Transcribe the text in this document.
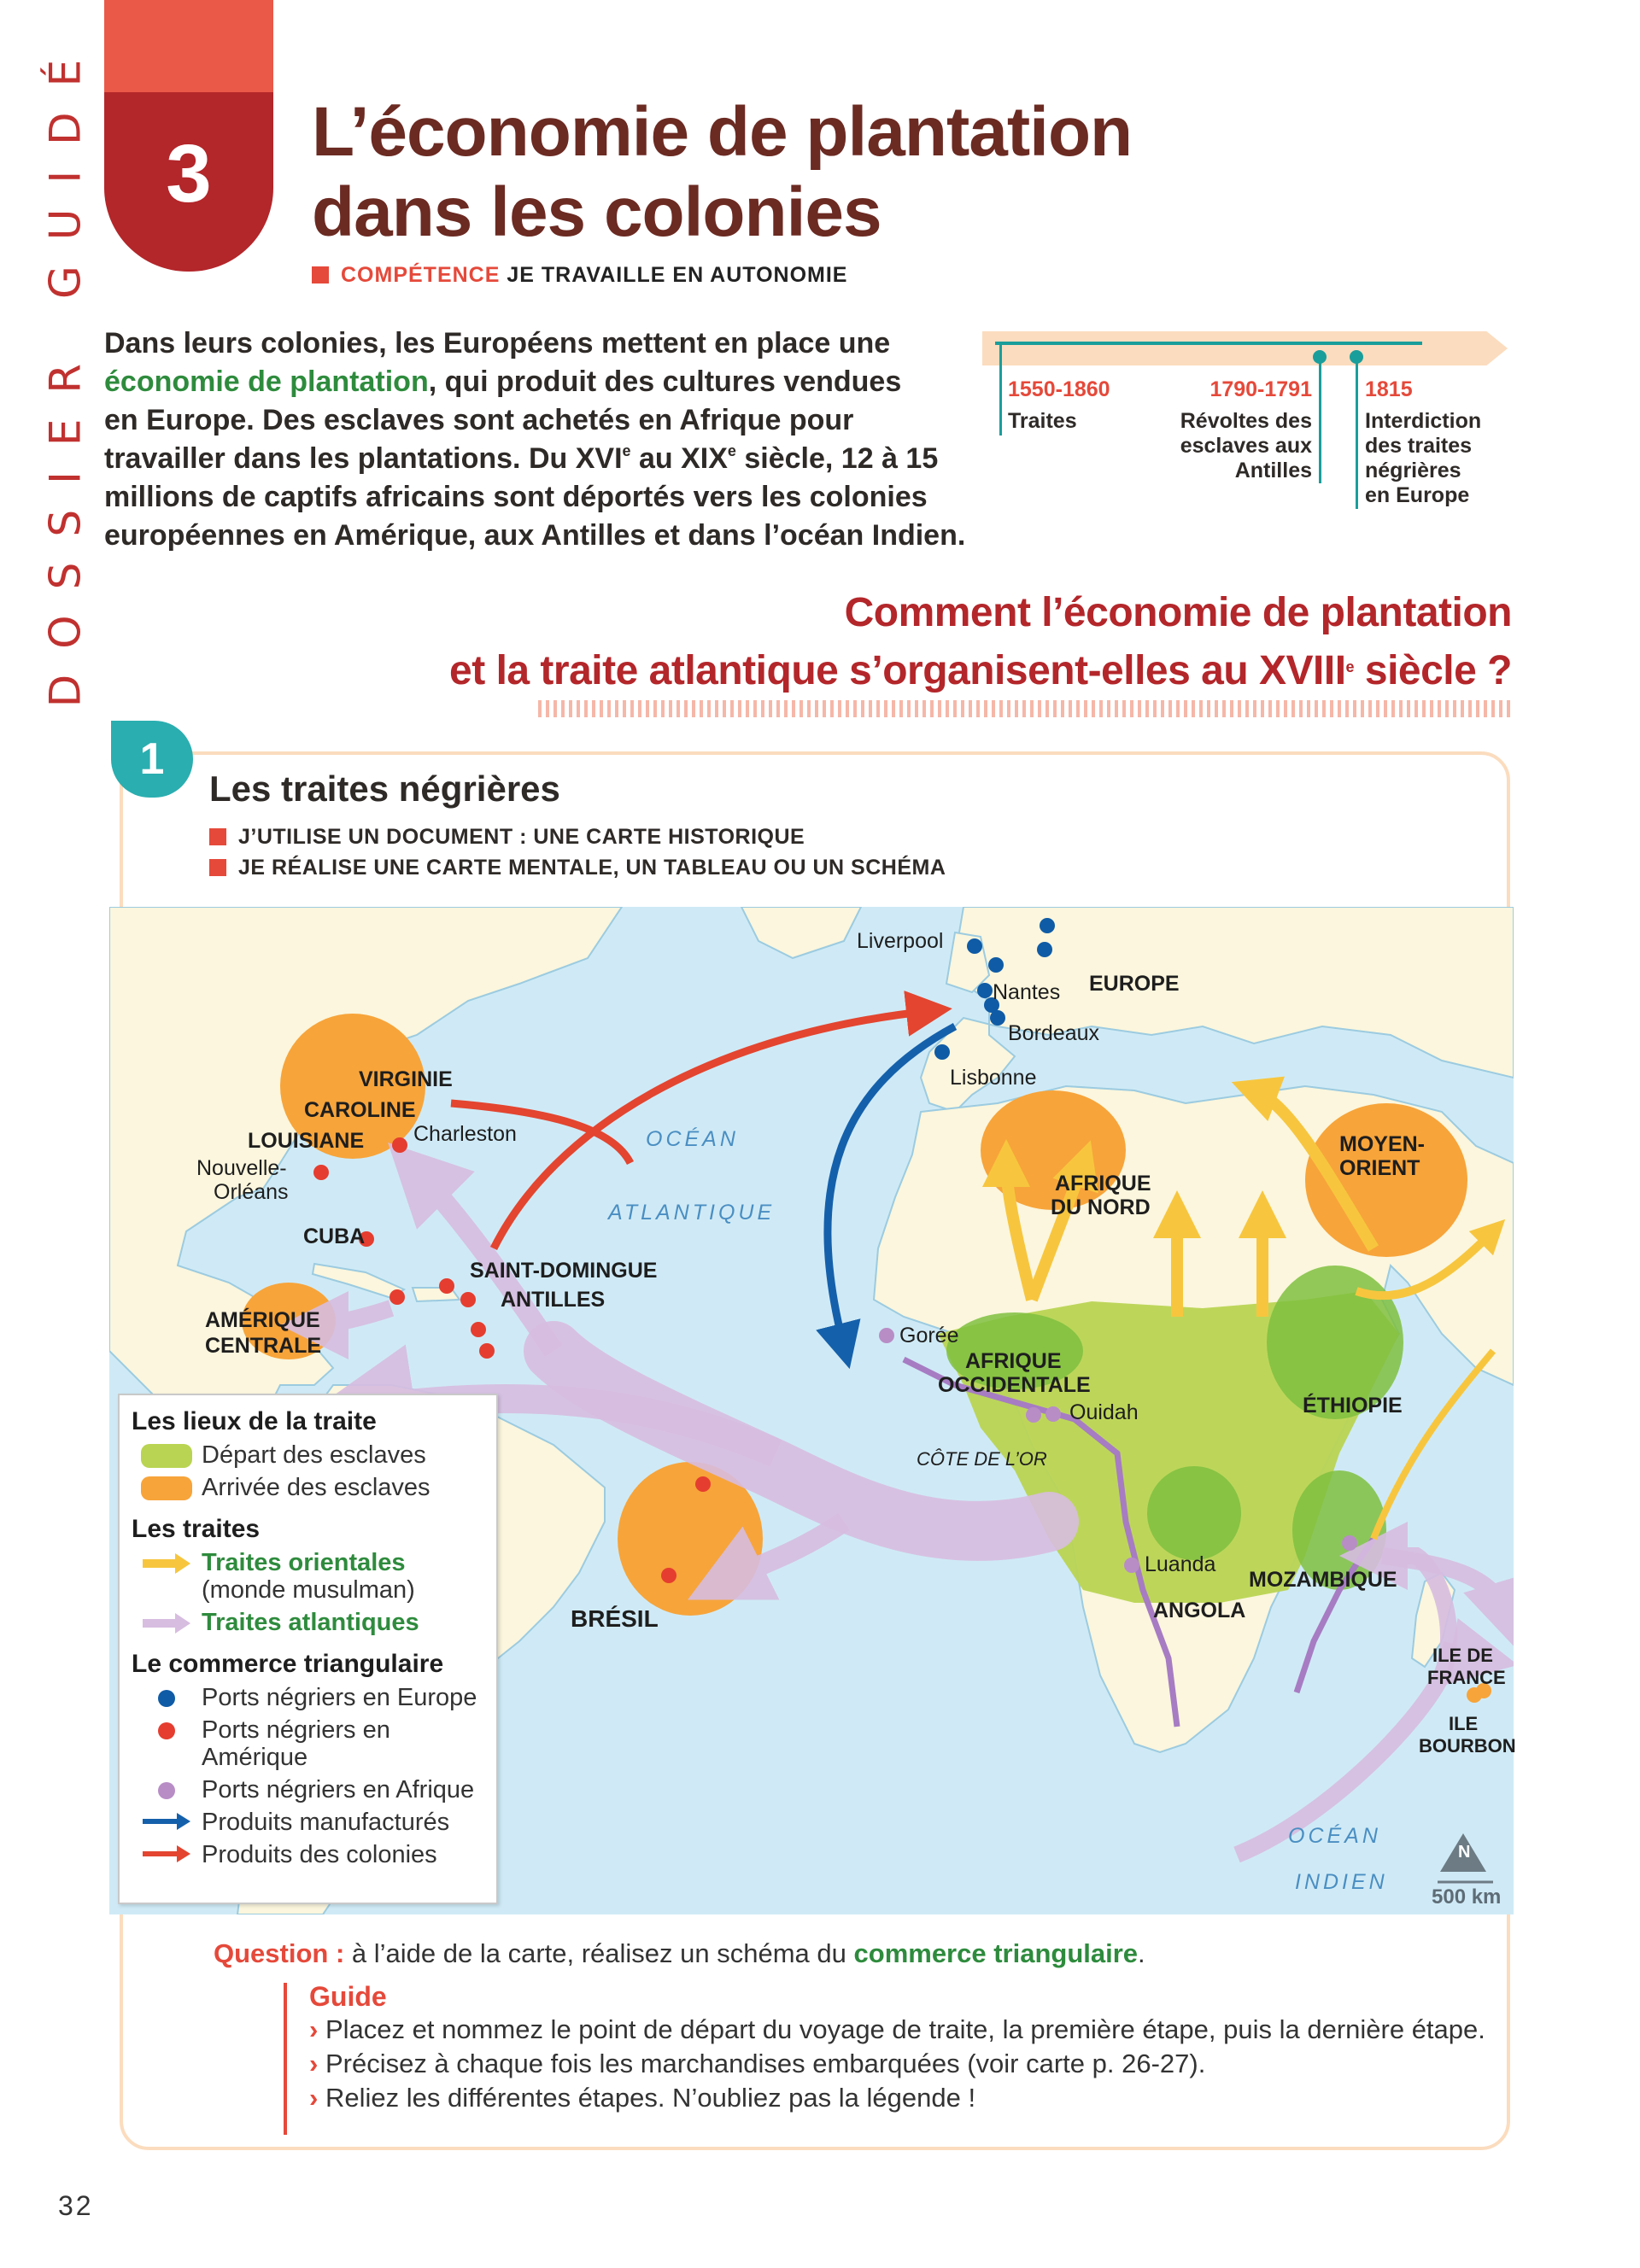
DOSSIER GUIDÉ 3 L’économie de plantation
dans les colonies
COMPÉTENCE JE TRAVAILLE EN AUTONOMIE
Dans leurs colonies, les Européens mettent en place une
économie de plantation, qui produit des cultures vendues
en Europe. Des esclaves sont achetés en Afrique pour
travailler dans les plantations. Du XVIe au XIXe siècle, 12 à 15
millions de captifs africains sont déportés vers les colonies
européennes en Amérique, aux Antilles et dans l’océan Indien.
1550-1860
Traites
1790-1791
Révoltes des
esclaves aux
Antilles
1815
Interdiction
des traites
négrières
en Europe
Comment l’économie de plantation
et la traite atlantique s’organisent-elles au XVIIIe siècle ?
1
Les traites négrières
J’UTILISE UN DOCUMENT : UNE CARTE HISTORIQUE
JE RÉALISE UNE CARTE MENTALE, UN TABLEAU OU UN SCHÉMA
Liverpool
Nantes
Bordeaux
Lisbonne
EUROPE
OCÉAN
ATLANTIQUE
VIRGINIE
CAROLINE
LOUISIANE Charleston
Nouvelle-
Orléans
CUBA
SAINT-DOMINGUE
ANTILLES
AMÉRIQUE
CENTRALE
AFRIQUE
DU NORD
MOYEN-
ORIENT
Gorée
AFRIQUE
OCCIDENTALE
Ouidah
CÔTE DE L’OR
ÉTHIOPIE
Luanda
ANGOLA
MOZAMBIQUE
BRÉSIL
ILE DE
FRANCE
ILE
BOURBON
OCÉAN
INDIEN
N
500 km
Les lieux de la traite
Départ des esclaves
Arrivée des esclaves
Les traites
Traites orientales
(monde musulman)
Traites atlantiques
Le commerce triangulaire
Ports négriers en Europe
Ports négriers en Amérique
Ports négriers en Afrique
Produits manufacturés
Produits des colonies
Question : à l’aide de la carte, réalisez un schéma du commerce triangulaire.
Guide
› Placez et nommez le point de départ du voyage de traite, la première étape, puis la dernière étape.
› Précisez à chaque fois les marchandises embarquées (voir carte p. 26-27).
› Reliez les différentes étapes. N’oubliez pas la légende !
32
